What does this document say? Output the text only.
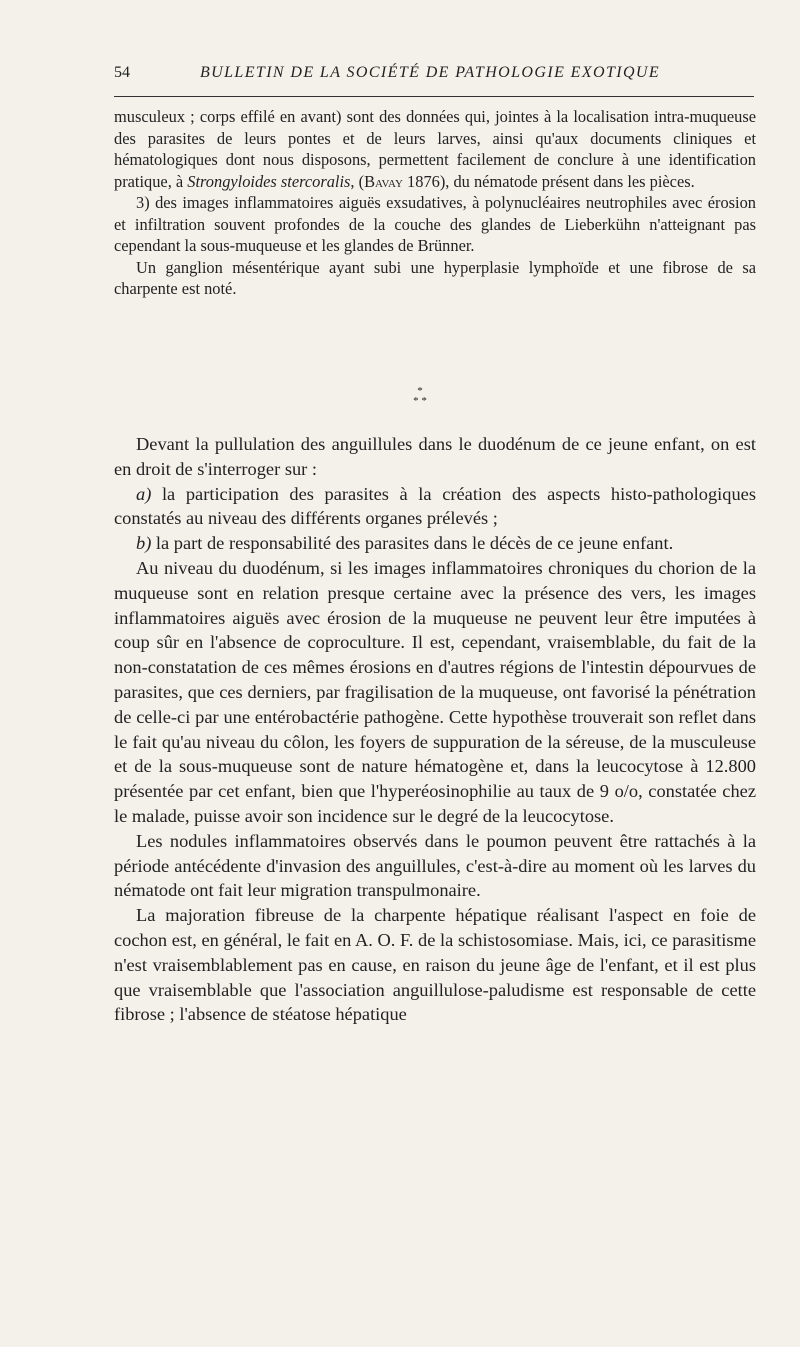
54	BULLETIN DE LA SOCIÉTÉ DE PATHOLOGIE EXOTIQUE

musculeux ; corps effilé en avant) sont des données qui, jointes à la localisation intra-muqueuse des parasites de leurs pontes et de leurs larves, ainsi qu'aux documents cliniques et hématologiques dont nous disposons, permettent facilement de conclure à une identification pratique, à Strongyloides stercoralis, (Bavay 1876), du nématode présent dans les pièces.

3) des images inflammatoires aiguës exsudatives, à polynucléaires neutrophiles avec érosion et infiltration souvent profondes de la couche des glandes de Lieberkühn n'atteignant pas cependant la sous-muqueuse et les glandes de Brünner.

Un ganglion mésentérique ayant subi une hyperplasie lymphoïde et une fibrose de sa charpente est noté.

*
* *

Devant la pullulation des anguillules dans le duodénum de ce jeune enfant, on est en droit de s'interroger sur :

a) la participation des parasites à la création des aspects histo-pathologiques constatés au niveau des différents organes prélevés ;

b) la part de responsabilité des parasites dans le décès de ce jeune enfant.

Au niveau du duodénum, si les images inflammatoires chroniques du chorion de la muqueuse sont en relation presque certaine avec la présence des vers, les images inflammatoires aiguës avec érosion de la muqueuse ne peuvent leur être imputées à coup sûr en l'absence de coproculture. Il est, cependant, vraisemblable, du fait de la non-constatation de ces mêmes érosions en d'autres régions de l'intestin dépourvues de parasites, que ces derniers, par fragilisation de la muqueuse, ont favorisé la pénétration de celle-ci par une entérobactérie pathogène. Cette hypothèse trouverait son reflet dans le fait qu'au niveau du côlon, les foyers de suppuration de la séreuse, de la musculeuse et de la sous-muqueuse sont de nature hématogène et, dans la leucocytose à 12.800 présentée par cet enfant, bien que l'hyperéosinophilie au taux de 9 o/o, constatée chez le malade, puisse avoir son incidence sur le degré de la leucocytose.

Les nodules inflammatoires observés dans le poumon peuvent être rattachés à la période antécédente d'invasion des anguillules, c'est-à-dire au moment où les larves du nématode ont fait leur migration transpulmonaire.

La majoration fibreuse de la charpente hépatique réalisant l'aspect en foie de cochon est, en général, le fait en A. O. F. de la schistosomiase. Mais, ici, ce parasitisme n'est vraisemblablement pas en cause, en raison du jeune âge de l'enfant, et il est plus que vraisemblable que l'association anguillulose-paludisme est responsable de cette fibrose ; l'absence de stéatose hépatique
